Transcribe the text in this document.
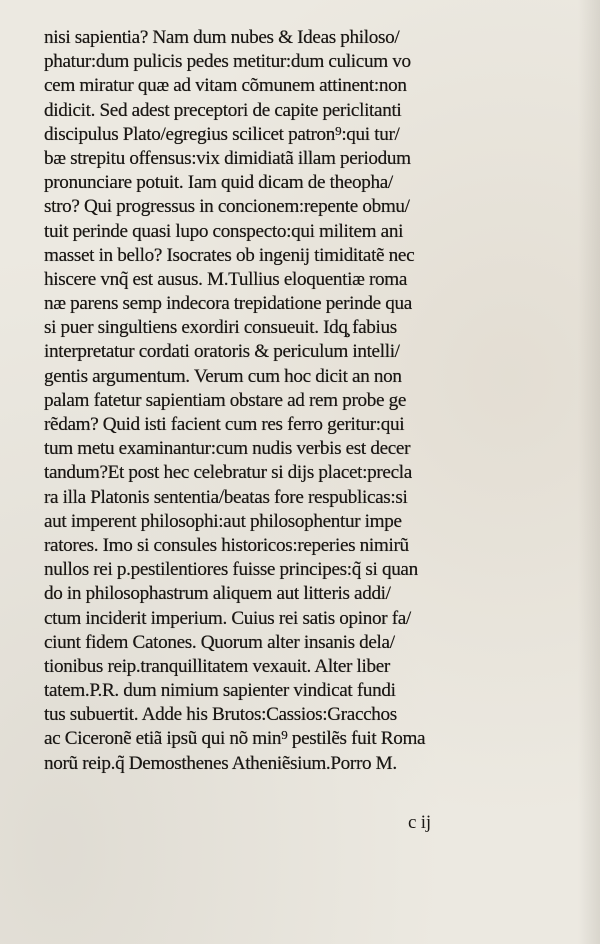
nisi sapientia? Nam dum nubes & Ideas philoso/
phatur:dum pulicis pedes metitur:dum culicum vo
cem miratur quæ ad vitam cõmunem attinent:non
didicit. Sed adest preceptori de capite periclitanti
discipulus Plato/egregius scilicet patron⁹:qui tur/
bæ strepitu offensus:vix dimidiatã illam periodum
pronunciare potuit. Iam quid dicam de theopha/
stro? Qui progressus in concionem:repente obmu/
tuit perinde quasi lupo conspecto:qui militem ani
masset in bello? Isocrates ob ingenij timiditatẽ nec
hiscere vnq̃ est ausus. M.Tullius eloquentiæ roma
næ parens semp indecora trepidatione perinde qua
si puer singultiens exordiri consueuit. Idq̧ fabius
interpretatur cordati oratoris & periculum intelli/
gentis argumentum. Verum cum hoc dicit an non
palam fatetur sapientiam obstare ad rem probe ge
rẽdam? Quid isti facient cum res ferro geritur:qui
tum metu examinantur:cum nudis verbis est decer
tandum?Et post hec celebratur si dijs placet:precla
ra illa Platonis sententia/beatas fore respublicas:si
aut imperent philosophi:aut philosophentur impe
ratores. Imo si consules historicos:reperies nimirũ
nullos rei p.pestilentiores fuisse principes:q̃ si quan
do in philosophastrum aliquem aut litteris addi/
ctum inciderit imperium. Cuius rei satis opinor fa/
ciunt fidem Catones. Quorum alter insanis dela/
tionibus reip.tranquillitatem vexauit. Alter liber
tatem.P.R. dum nimium sapienter vindicat fundi
tus subuertit. Adde his Brutos:Cassios:Gracchos
ac Ciceronẽ etiã ipsũ qui nõ min⁹ pestilẽs fuit Roma
norũ reip.q̃ Demosthenes Atheniẽsium.Porro M.
c ij
